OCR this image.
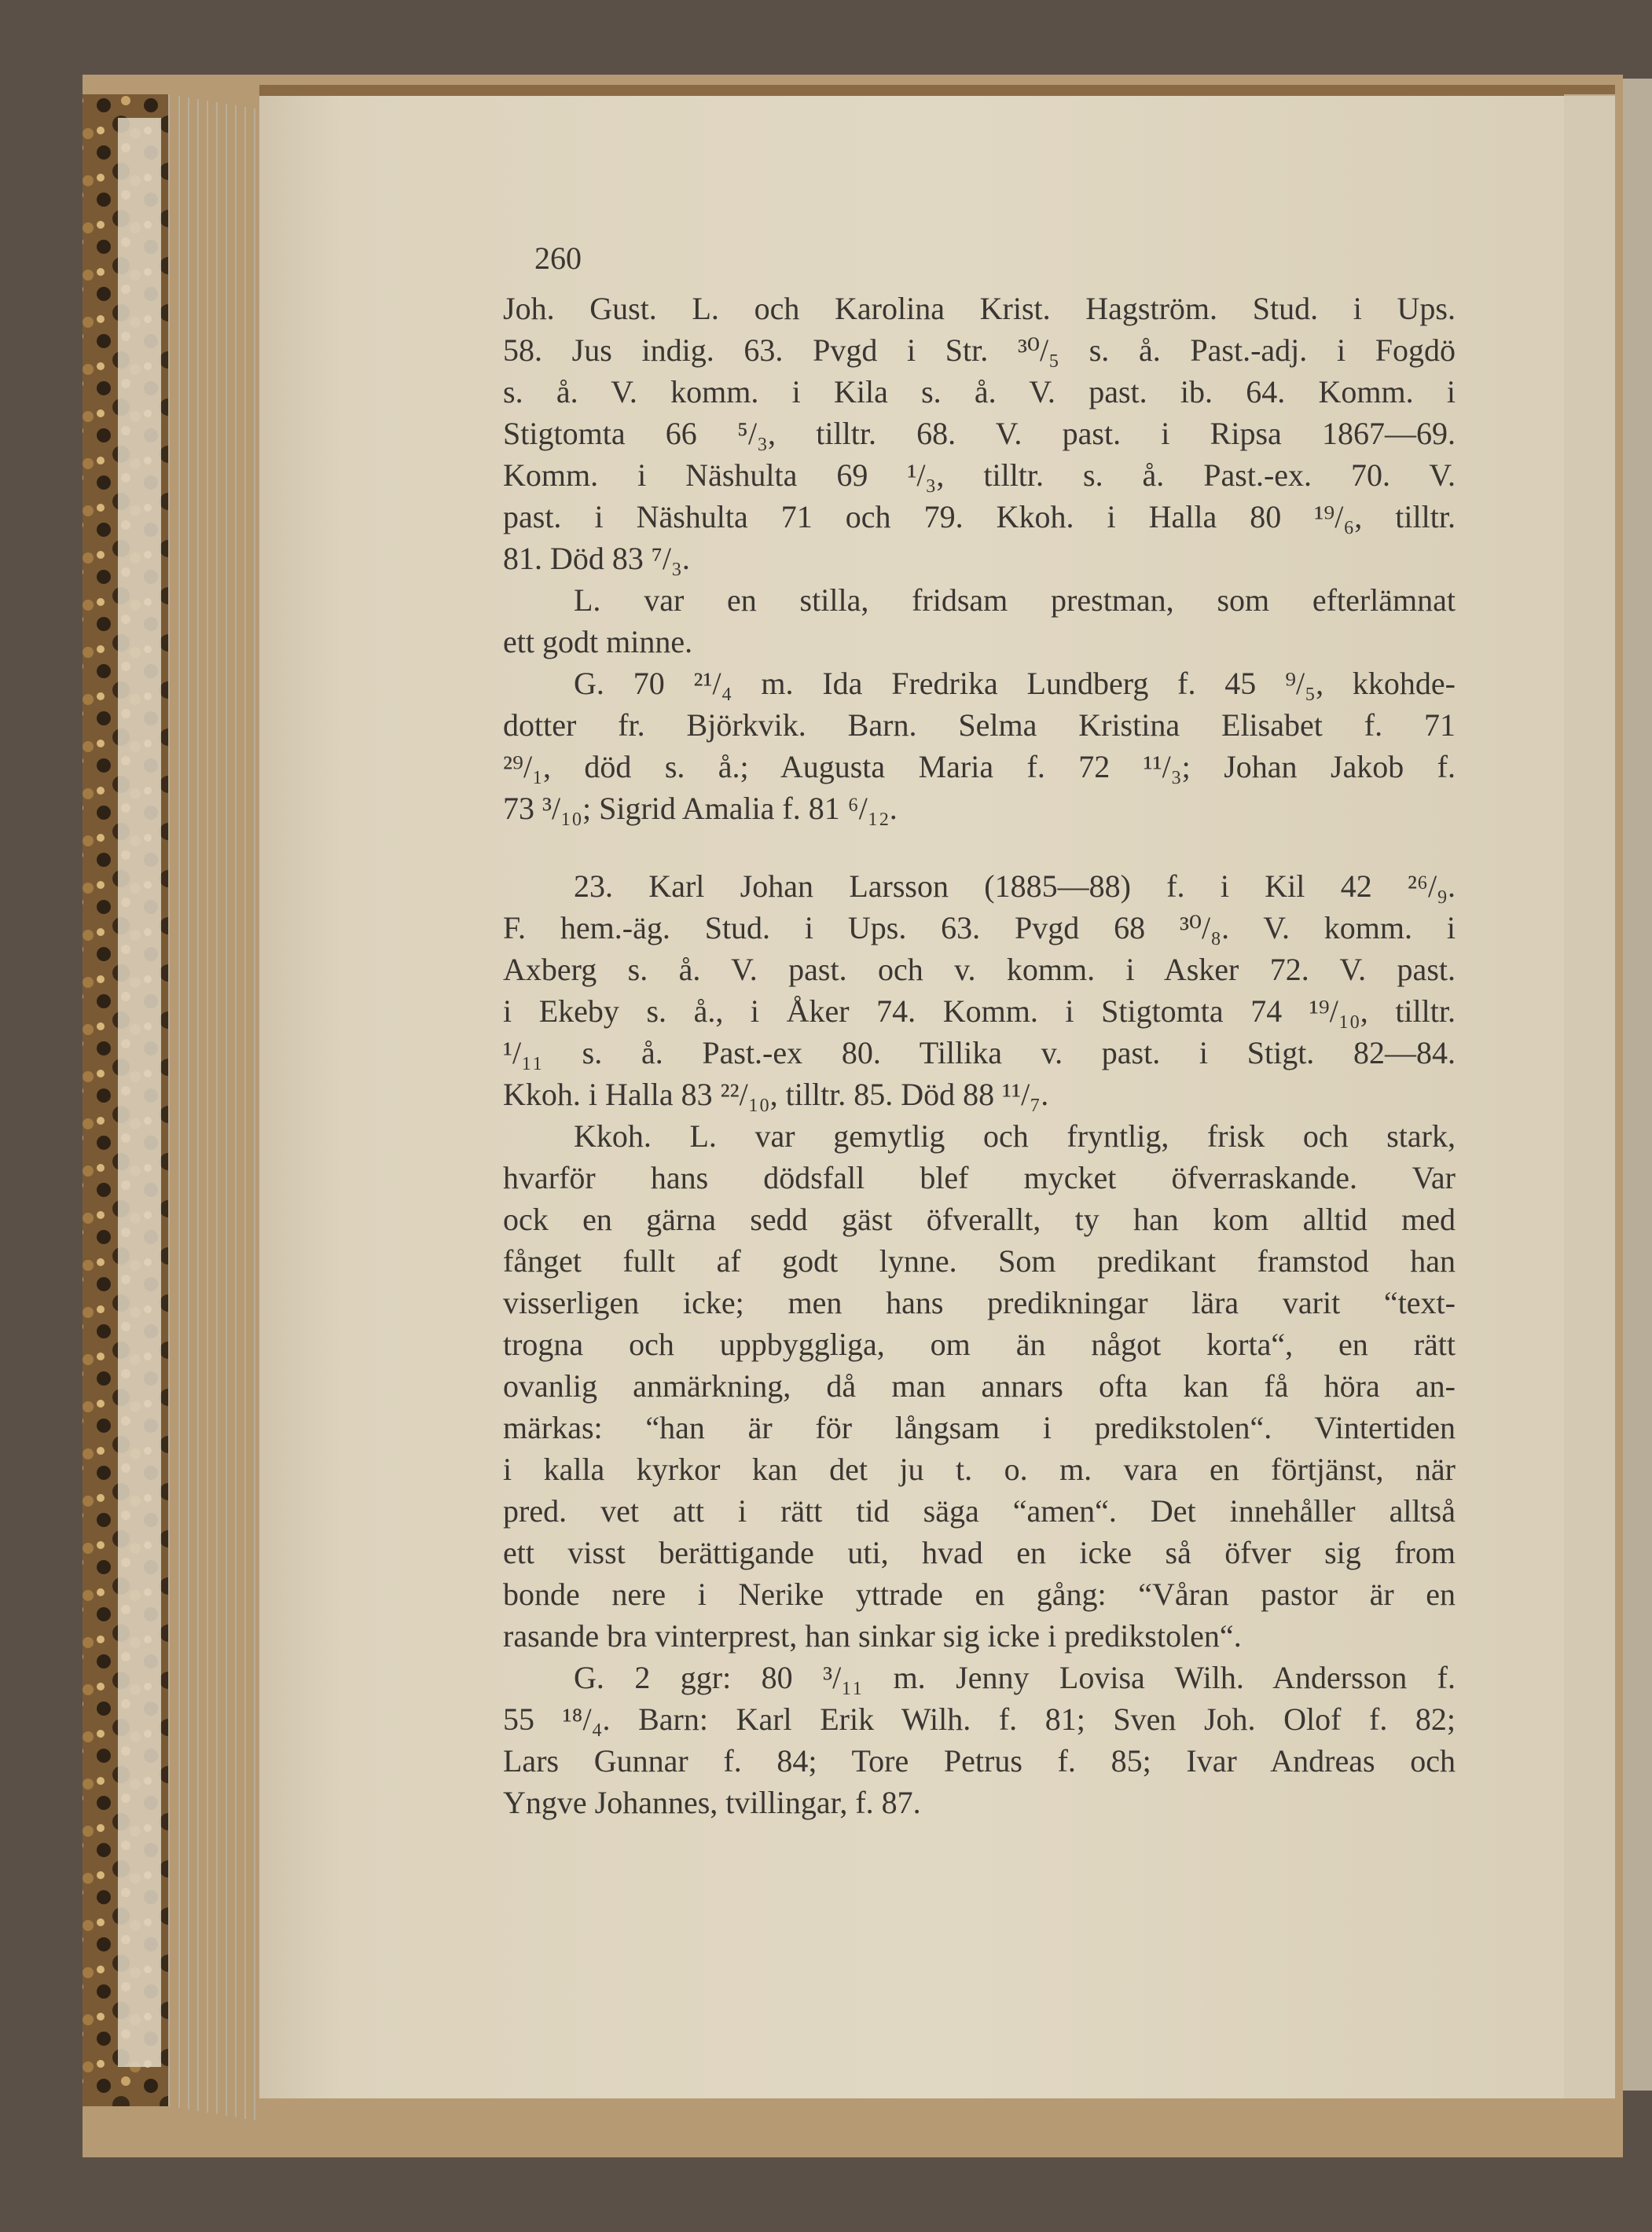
260
Joh. Gust. L. och Karolina Krist. Hagström. Stud. i Ups.
58. Jus indig. 63. Pvgd i Str. ³⁰/₅ s. å. Past.-adj. i Fogdö
s. å. V. komm. i Kila s. å. V. past. ib. 64. Komm. i
Stigtomta 66 ⁵/₃, tilltr. 68. V. past. i Ripsa 1867—69.
Komm. i Näshulta 69 ¹/₃, tilltr. s. å. Past.-ex. 70. V.
past. i Näshulta 71 och 79. Kkoh. i Halla 80 ¹⁹/₆, tilltr.
81. Död 83 ⁷/₃.
L. var en stilla, fridsam prestman, som efterlämnat
ett godt minne.
G. 70 ²¹/₄ m. Ida Fredrika Lundberg f. 45 ⁹/₅, kkohde-
dotter fr. Björkvik. Barn. Selma Kristina Elisabet f. 71
²⁹/₁, död s. å.; Augusta Maria f. 72 ¹¹/₃; Johan Jakob f.
73 ³/₁₀; Sigrid Amalia f. 81 ⁶/₁₂.
23. Karl Johan Larsson (1885—88) f. i Kil 42 ²⁶/₉.
F. hem.-äg. Stud. i Ups. 63. Pvgd 68 ³⁰/₈. V. komm. i
Axberg s. å. V. past. och v. komm. i Asker 72. V. past.
i Ekeby s. å., i Åker 74. Komm. i Stigtomta 74 ¹⁹/₁₀, tilltr.
¹/₁₁ s. å. Past.-ex 80. Tillika v. past. i Stigt. 82—84.
Kkoh. i Halla 83 ²²/₁₀, tilltr. 85. Död 88 ¹¹/₇.
Kkoh. L. var gemytlig och fryntlig, frisk och stark,
hvarför hans dödsfall blef mycket öfverraskande. Var
ock en gärna sedd gäst öfverallt, ty han kom alltid med
fånget fullt af godt lynne. Som predikant framstod han
visserligen icke; men hans predikningar lära varit “text-
trogna och uppbyggliga, om än något korta“, en rätt
ovanlig anmärkning, då man annars ofta kan få höra an-
märkas: “han är för långsam i predikstolen“. Vintertiden
i kalla kyrkor kan det ju t. o. m. vara en förtjänst, när
pred. vet att i rätt tid säga “amen“. Det innehåller alltså
ett visst berättigande uti, hvad en icke så öfver sig from
bonde nere i Nerike yttrade en gång: “Våran pastor är en
rasande bra vinterprest, han sinkar sig icke i predikstolen“.
G. 2 ggr: 80 ³/₁₁ m. Jenny Lovisa Wilh. Andersson f.
55 ¹⁸/₄. Barn: Karl Erik Wilh. f. 81; Sven Joh. Olof f. 82;
Lars Gunnar f. 84; Tore Petrus f. 85; Ivar Andreas och
Yngve Johannes, tvillingar, f. 87.
